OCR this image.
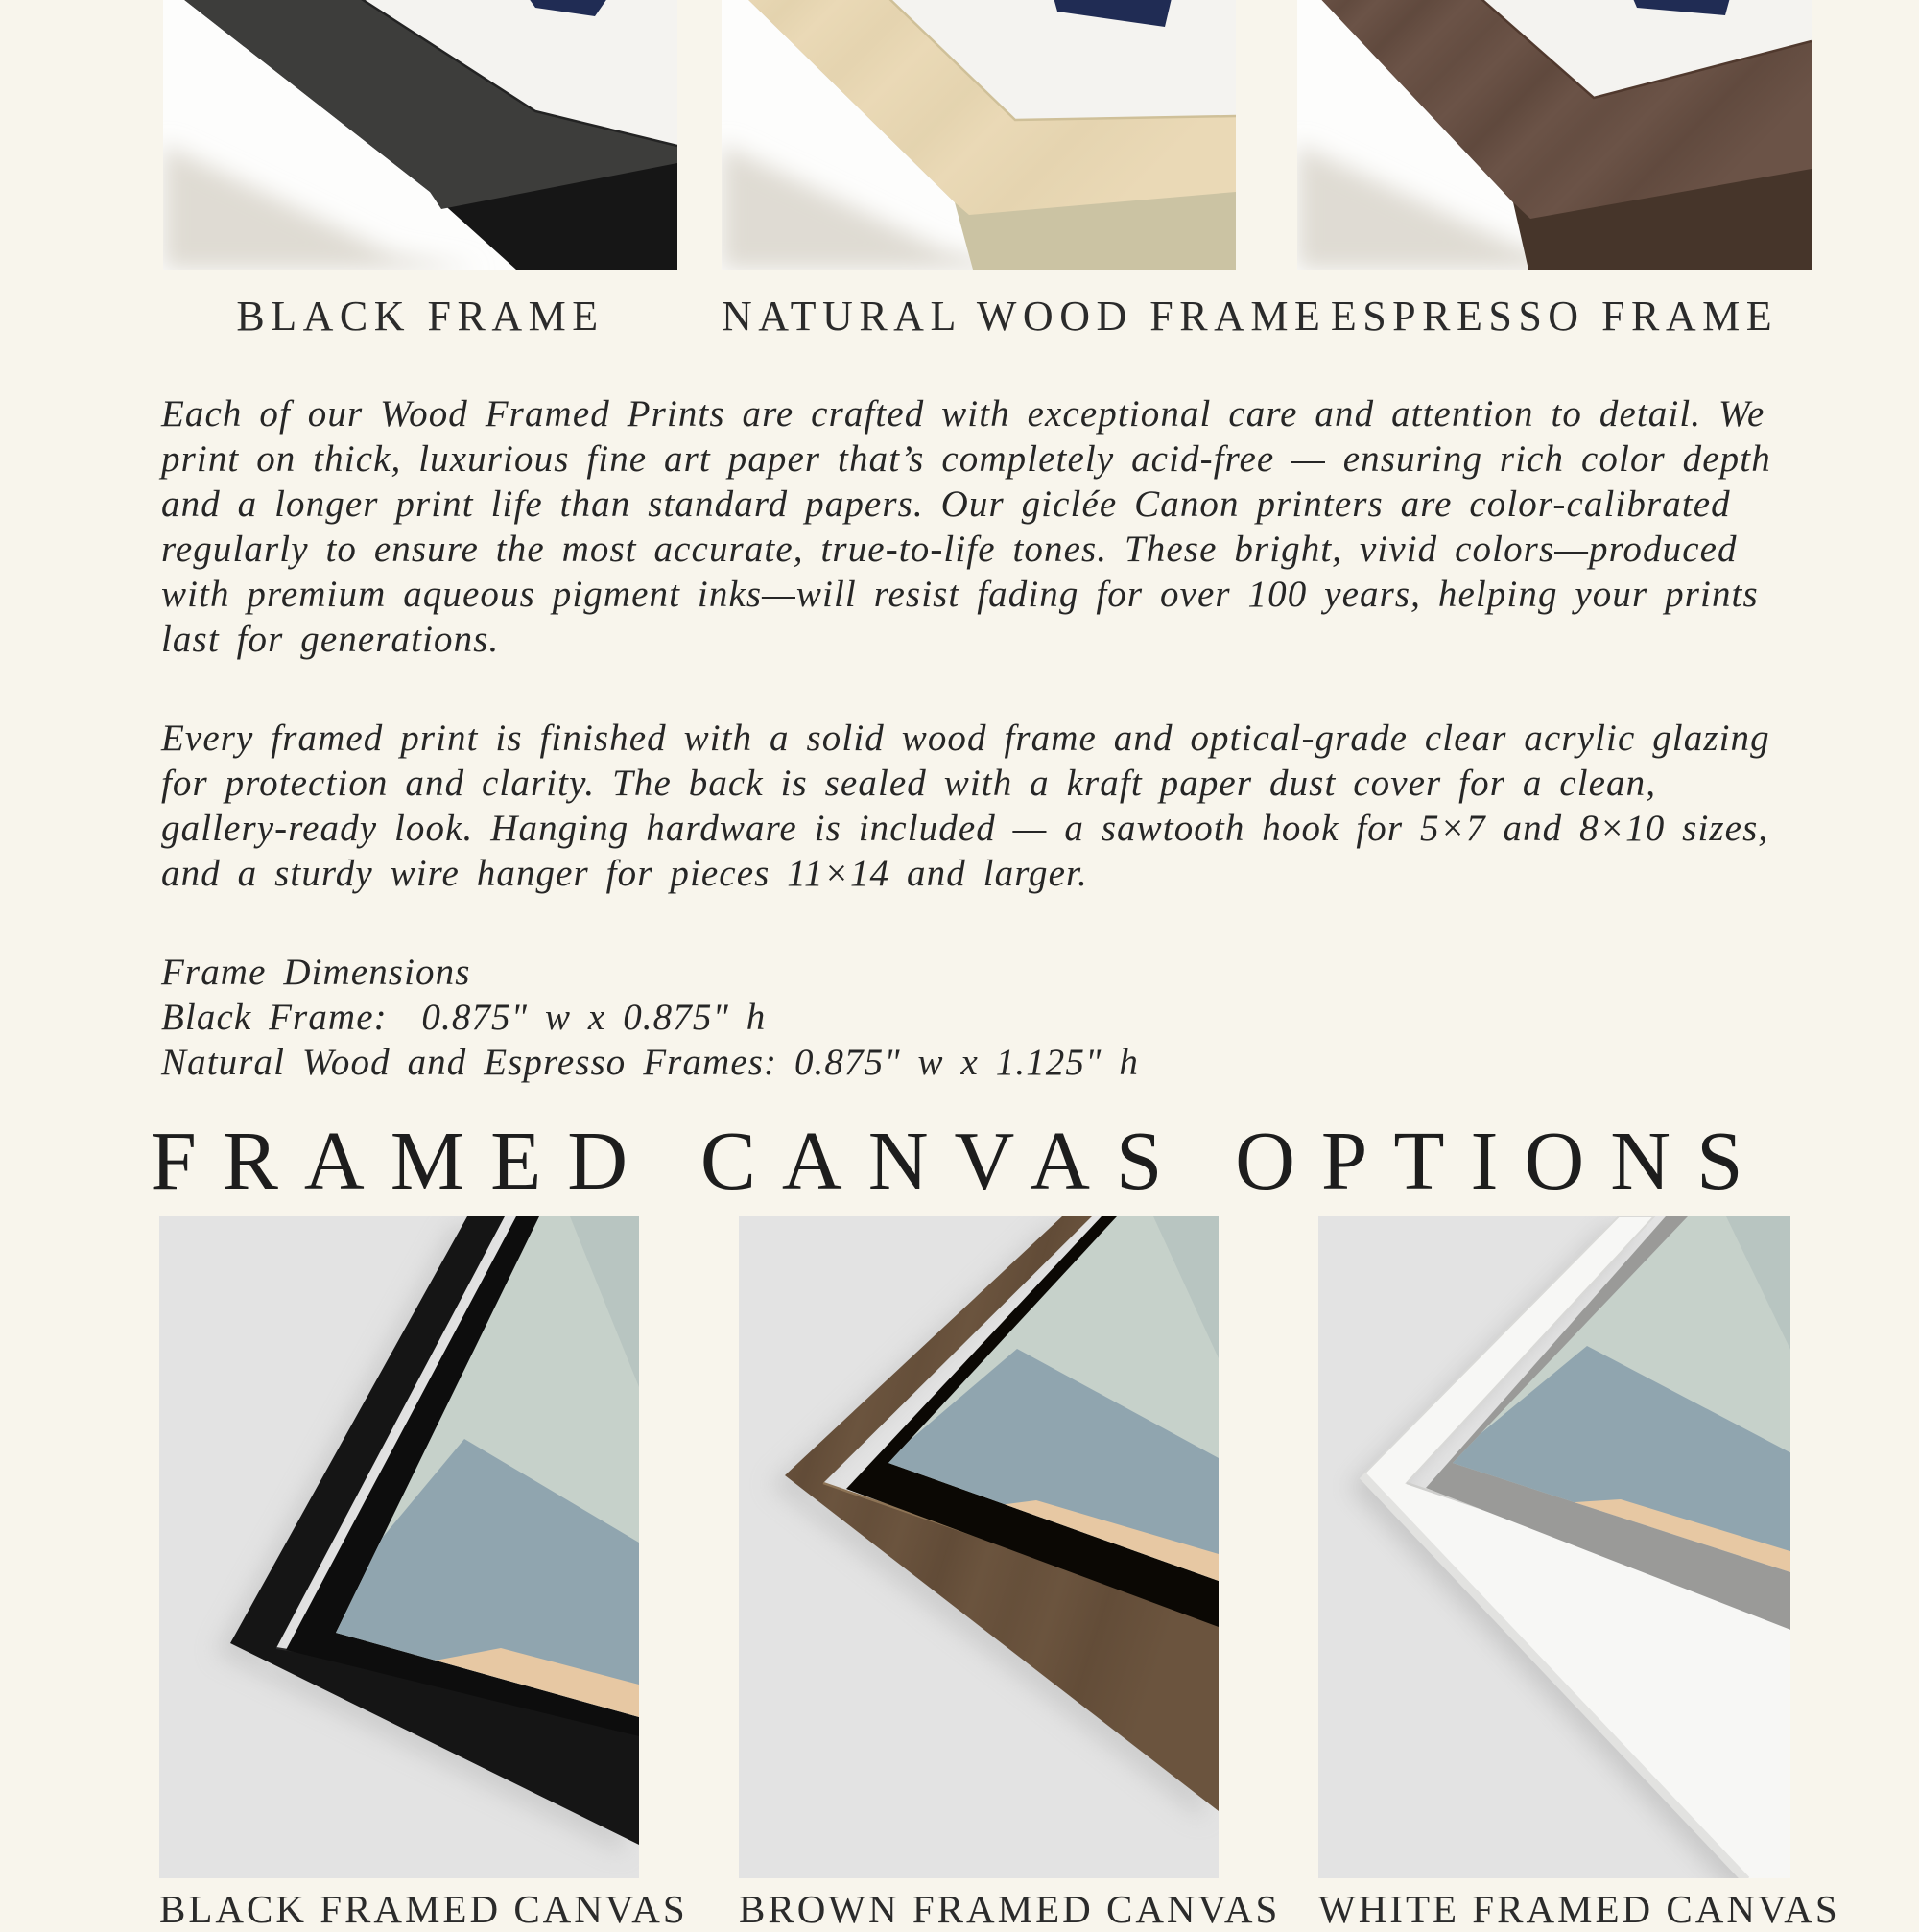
BLACK FRAME	NATURAL WOOD FRAME ESPRESSO FRAME

Each of our Wood Framed Prints are crafted with exceptional care and attention to detail. We print on thick, luxurious fine art paper that’s completely acid-free — ensuring rich color depth and a longer print life than standard papers. Our giclée Canon printers are color-calibrated regularly to ensure the most accurate, true-to-life tones. These bright, vivid colors—produced with premium aqueous pigment inks—will resist fading for over 100 years, helping your prints last for generations.

Every framed print is finished with a solid wood frame and optical-grade clear acrylic glazing for protection and clarity. The back is sealed with a kraft paper dust cover for a clean, gallery-ready look. Hanging hardware is included — a sawtooth hook for 5×7 and 8×10 sizes, and a sturdy wire hanger for pieces 11×14 and larger.

Frame Dimensions
Black Frame:  0.875" w x 0.875" h
Natural Wood and Espresso Frames: 0.875" w x 1.125" h
FRAMED CANVAS OPTIONS
BLACK FRAMED CANVAS BROWN FRAMED CANVAS WHITE FRAMED CANVAS
